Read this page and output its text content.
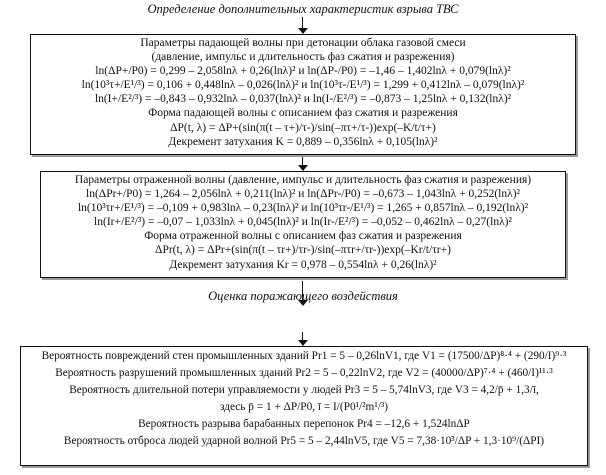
Определение дополнительных характеристик взрыва ТВС
Параметры падающей волны при детонации облака газовой смеси
(давление, импульс и длительность фаз сжатия и разрежения)
ln(ΔP+/P0) = 0,299 – 2,058lnλ + 0,26(lnλ)² и ln(ΔP-/P0) = –1,46 – 1,402lnλ + 0,079(lnλ)²
ln(10³τ+/E¹/³) = 0,106 + 0,448lnλ – 0,026(lnλ)² и ln(10³τ-/E¹/³) = 1,299 + 0,412lnλ – 0,079(lnλ)²
ln(I+/E²/³) = –0,843 – 0,932lnλ – 0,037(lnλ)² и ln(I-/E²/³) = –0,873 – 1,25lnλ + 0,132(lnλ)²
Форма падающей волны с описанием фаз сжатия и разрежения
ΔP(t, λ) = ΔP+(sin(π(t – τ+)/τ-)/sin(–πτ+/τ-))exp(–K/t/τ+)
Декремент затухания K = 0,889 – 0,356lnλ + 0,105(lnλ)²
Параметры отраженной волны (давление, импульс и длительность фаз сжатия и разрежения)
ln(ΔPr+/P0) = 1,264 – 2,056lnλ + 0,211(lnλ)² и ln(ΔPr-/P0) = –0,673 – 1,043lnλ + 0,252(lnλ)²
ln(10³τr+/E¹/³) = –0,109 + 0,983lnλ – 0,23(lnλ)² и ln(10³τr-/E¹/³) = 1,265 + 0,857lnλ – 0,192(lnλ)²
ln(Ir+/E²/³) = –0,07 – 1,033lnλ + 0,045(lnλ)² и ln(Ir-/E²/³) = –0,052 – 0,462lnλ – 0,27(lnλ)²
Форма отраженной волны с описанием фаз сжатия и разрежения
ΔPr(t, λ) = ΔPr+(sin(π(t – τr+)/τr-)/sin(–πτr+/τr-))exp(–Kr/t/τr+)
Декремент затухания Kr = 0,978 – 0,554lnλ + 0,26(lnλ)²
Оценка поражающего воздействия
Вероятность повреждений стен промышленных зданий Pr1 = 5 – 0,26lnV1, где V1 = (17500/ΔP)⁸·⁴ + (290/I)⁹·³
Вероятность разрушений промышленных зданий Pr2 = 5 – 0,22lnV2, где V2 = (40000/ΔP)⁷·⁴ + (460/I)¹¹·³
Вероятность длительной потери управляемости у людей Pr3 = 5 – 5,74lnV3, где V3 = 4,2/p̄ + 1,3/ī,
здесь p̄ = 1 + ΔP/P0, ī = I/(P0¹/²m¹/³)
Вероятность разрыва барабанных перепонок Pr4 = –12,6 + 1,524lnΔP
Вероятность отброса людей ударной волной Pr5 = 5 – 2,44lnV5, где V5 = 7,38·10³/ΔP + 1,3·10⁹/(ΔPI)
